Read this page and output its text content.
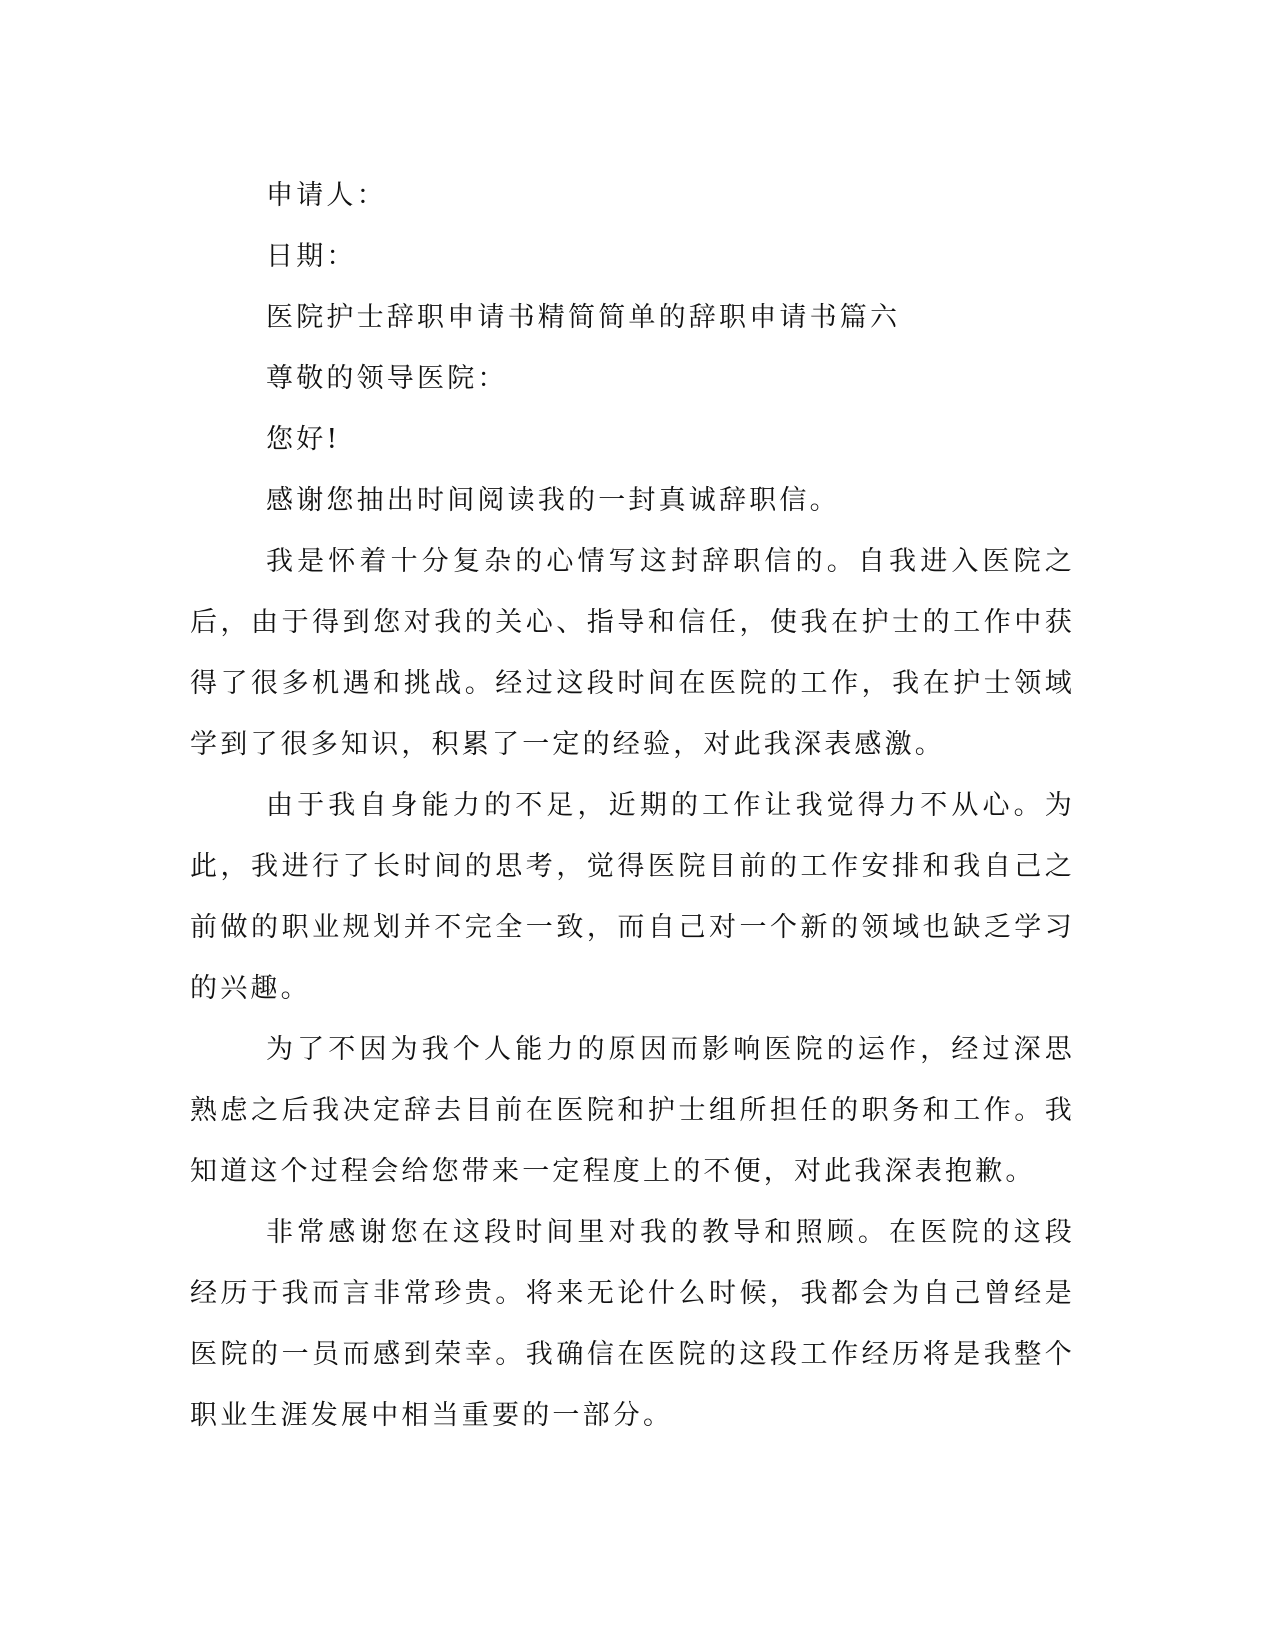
申请人：

日期：

医院护士辞职申请书精简简单的辞职申请书篇六

尊敬的领导医院：

您好!

感谢您抽出时间阅读我的一封真诚辞职信。

我是怀着十分复杂的心情写这封辞职信的。自我进入医院之后，由于得到您对我的关心、指导和信任，使我在护士的工作中获得了很多机遇和挑战。经过这段时间在医院的工作，我在护士领域学到了很多知识，积累了一定的经验，对此我深表感激。

由于我自身能力的不足，近期的工作让我觉得力不从心。为此，我进行了长时间的思考，觉得医院目前的工作安排和我自己之前做的职业规划并不完全一致，而自己对一个新的领域也缺乏学习的兴趣。

为了不因为我个人能力的原因而影响医院的运作，经过深思熟虑之后我决定辞去目前在医院和护士组所担任的职务和工作。我知道这个过程会给您带来一定程度上的不便，对此我深表抱歉。

非常感谢您在这段时间里对我的教导和照顾。在医院的这段经历于我而言非常珍贵。将来无论什么时候，我都会为自己曾经是医院的一员而感到荣幸。我确信在医院的这段工作经历将是我整个职业生涯发展中相当重要的一部分。
